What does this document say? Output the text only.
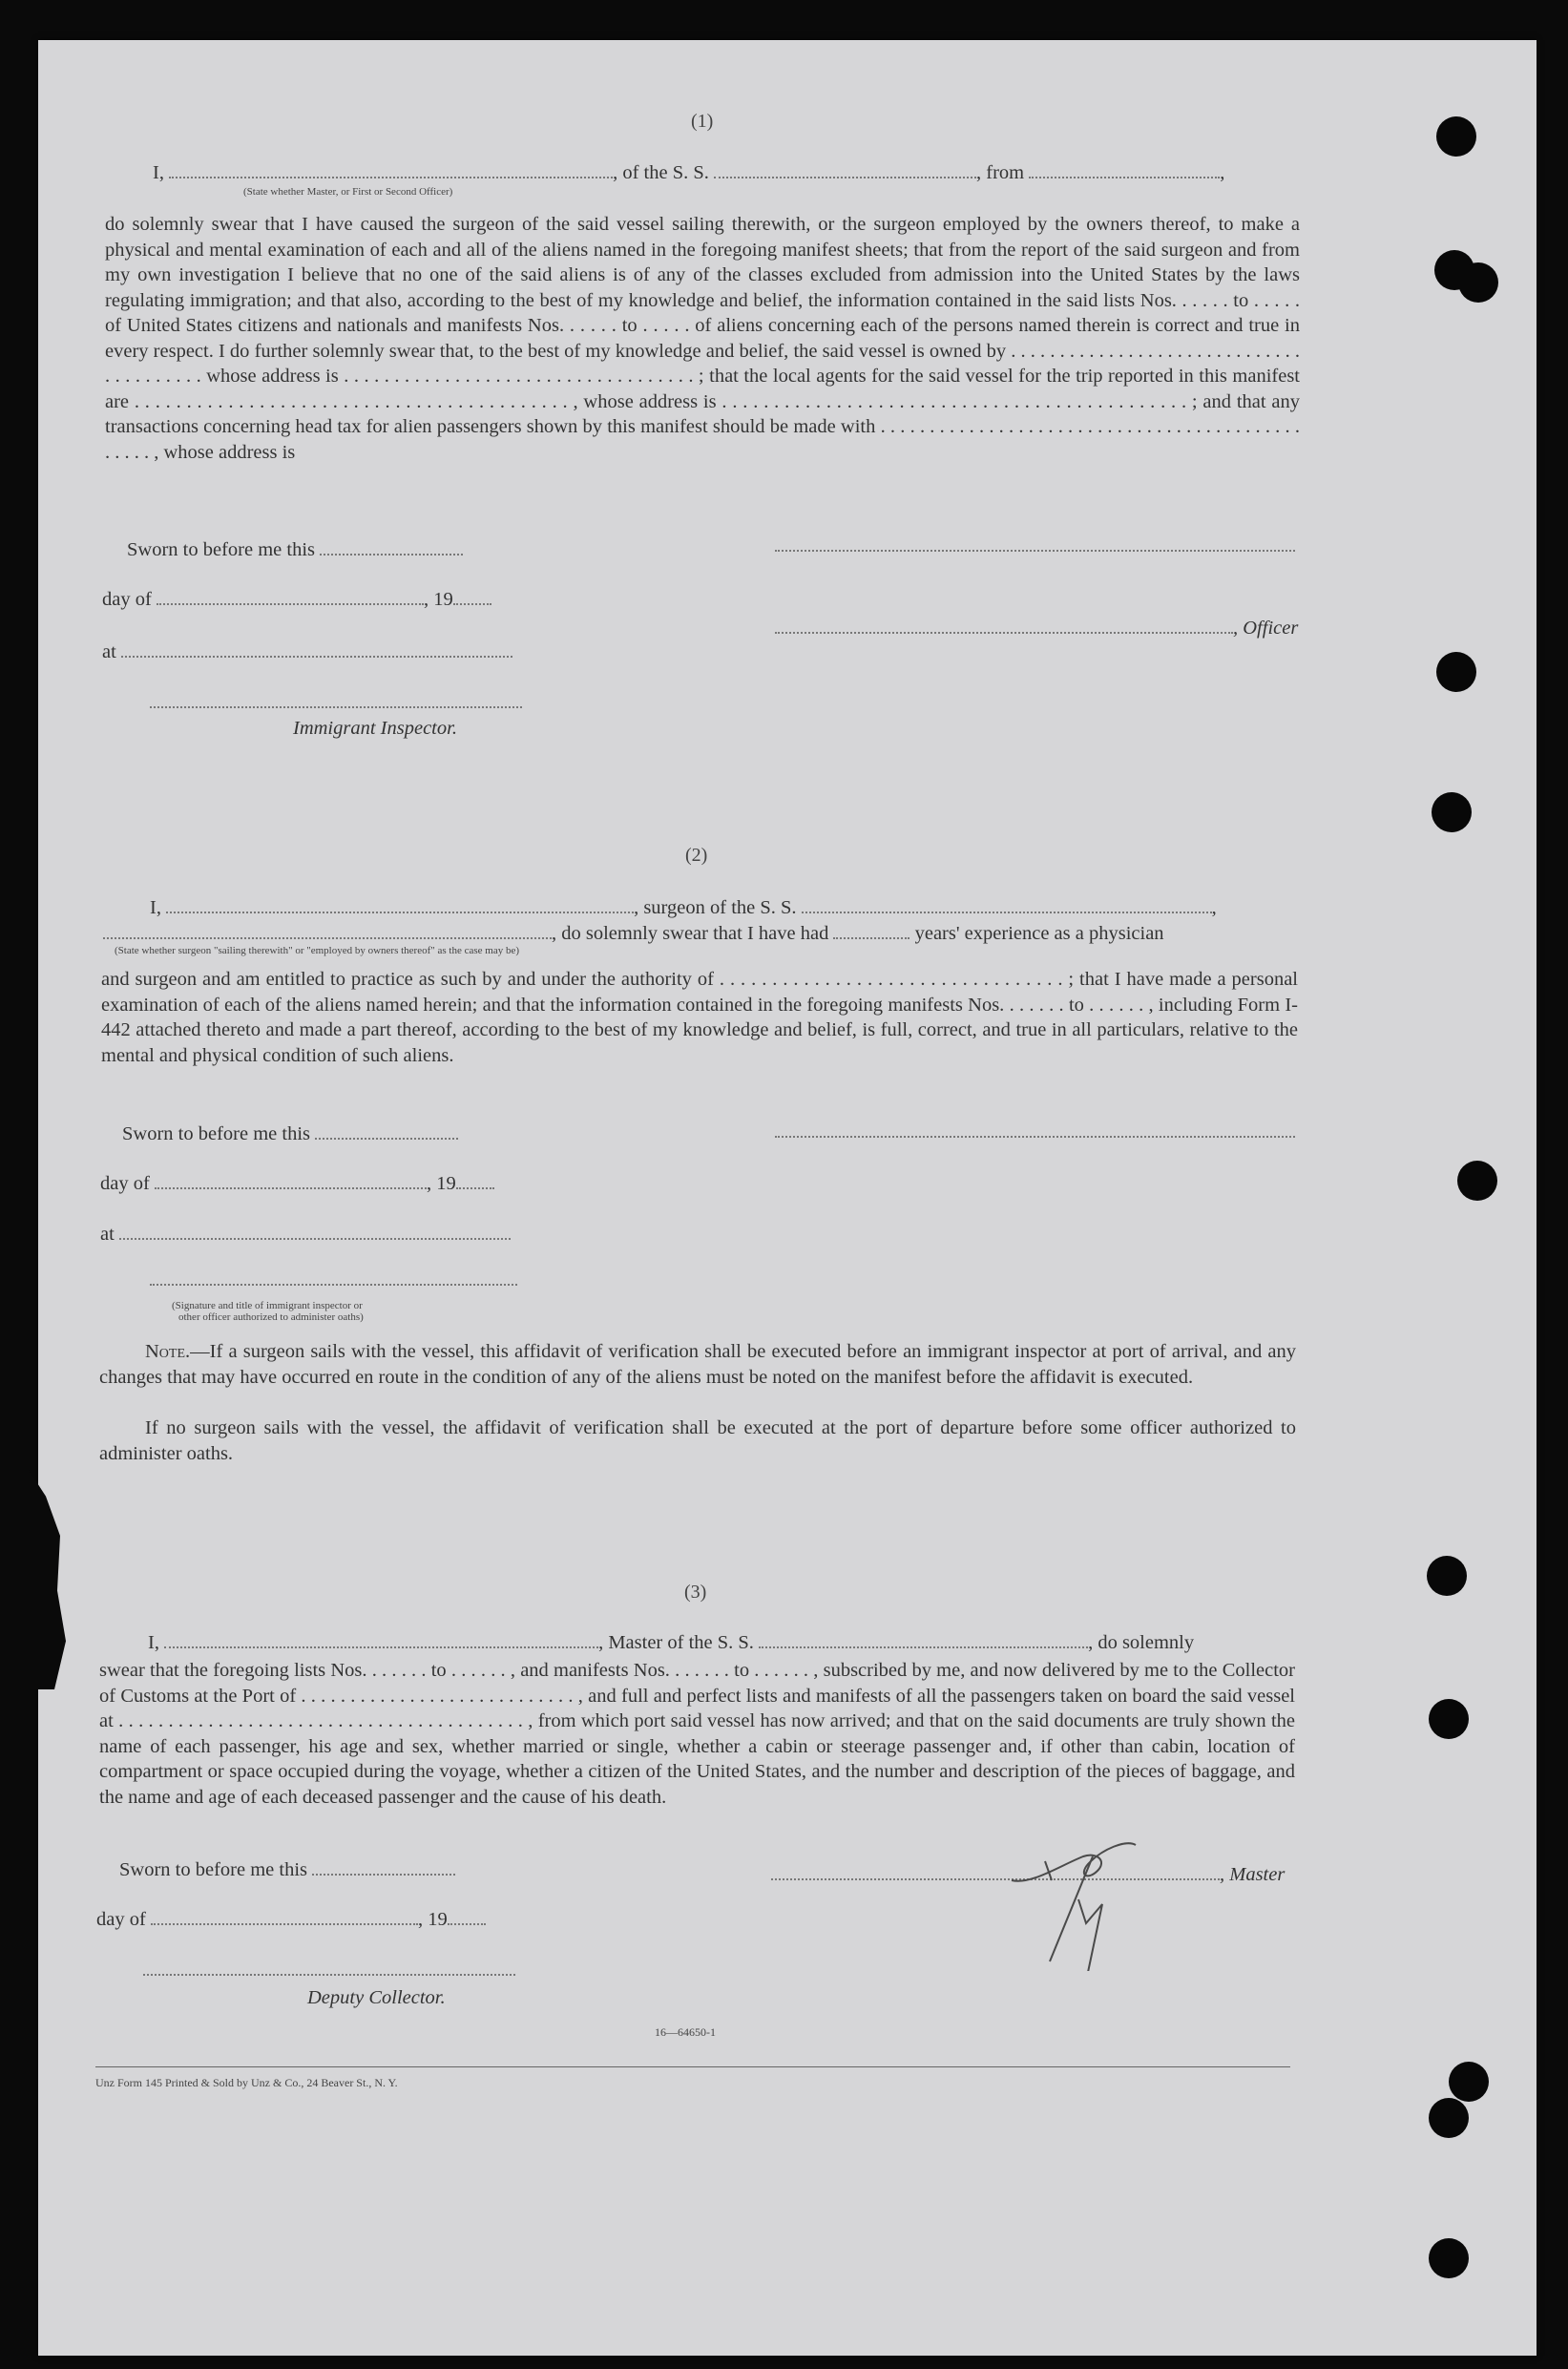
(1)
I,	, of the S. S.	, from	,
(State whether Master, or First or Second Officer)
do solemnly swear that I have caused the surgeon of the said vessel sailing therewith, or the surgeon employed by the owners thereof, to make a physical and mental examination of each and all of the aliens named in the foregoing manifest sheets; that from the report of the said surgeon and from my own investigation I believe that no one of the said aliens is of any of the classes excluded from admission into the United States by the laws regulating immigration; and that also, according to the best of my knowledge and belief, the information contained in the said lists Nos. . . . . . to . . . . . of United States citizens and nationals and manifests Nos. . . . . . to . . . . . of aliens concerning each of the persons named therein is correct and true in every respect. I do further solemnly swear that, to the best of my knowledge and belief, the said vessel is owned by . . . . . . . . . . . . . . . . . . . . . . . . . . . . . . . . . . . . . . . . whose address is . . . . . . . . . . . . . . . . . . . . . . . . . . . . . . . . . . . ; that the local agents for the said vessel for the trip reported in this manifest are . . . . . . . . . . . . . . . . . . . . . . . . . . . . . . . . . . . . . . . . . . , whose address is . . . . . . . . . . . . . . . . . . . . . . . . . . . . . . . . . . . . . . . . . . . . . ; and that any transactions concerning head tax for alien passengers shown by this manifest should be made with . . . . . . . . . . . . . . . . . . . . . . . . . . . . . . . . . . . . . . . . . . . . . . . . , whose address is
Sworn to before me this
day of	, 19
, Officer
at
Immigrant Inspector.
(2)
I,	, surgeon of the S. S.	,
, do solemnly swear that I have had	years' experience as a physician
(State whether surgeon "sailing therewith" or "employed by owners thereof" as the case may be)
and surgeon and am entitled to practice as such by and under the authority of . . . . . . . . . . . . . . . . . . . . . . . . . . . . . . . . . ; that I have made a personal examination of each of the aliens named herein; and that the information contained in the foregoing manifests Nos. . . . . . . to . . . . . . , including Form I-442 attached thereto and made a part thereof, according to the best of my knowledge and belief, is full, correct, and true in all particulars, relative to the mental and physical condition of such aliens.
Sworn to before me this
day of	, 19
at
(Signature and title of immigrant inspector or
other officer authorized to administer oaths)
Note.—If a surgeon sails with the vessel, this affidavit of verification shall be executed before an immigrant inspector at port of arrival, and any changes that may have occurred en route in the condition of any of the aliens must be noted on the manifest before the affidavit is executed.
If no surgeon sails with the vessel, the affidavit of verification shall be executed at the port of departure before some officer authorized to administer oaths.
(3)
I,	, Master of the S. S.	, do solemnly
swear that the foregoing lists Nos. . . . . . . to . . . . . . , and manifests Nos. . . . . . . to . . . . . . , subscribed by me, and now delivered by me to the Collector of Customs at the Port of . . . . . . . . . . . . . . . . . . . . . . . . . . . . , and full and perfect lists and manifests of all the passengers taken on board the said vessel at . . . . . . . . . . . . . . . . . . . . . . . . . . . . . . . . . . . . . . . . . , from which port said vessel has now arrived; and that on the said documents are truly shown the name of each passenger, his age and sex, whether married or single, whether a cabin or steerage passenger and, if other than cabin, location of compartment or space occupied during the voyage, whether a citizen of the United States, and the number and description of the pieces of baggage, and the name and age of each deceased passenger and the cause of his death.
Sworn to before me this	, Master
day of	, 19
Deputy Collector.
16—64650-1
Unz Form 145 Printed & Sold by Unz & Co., 24 Beaver St., N. Y.
